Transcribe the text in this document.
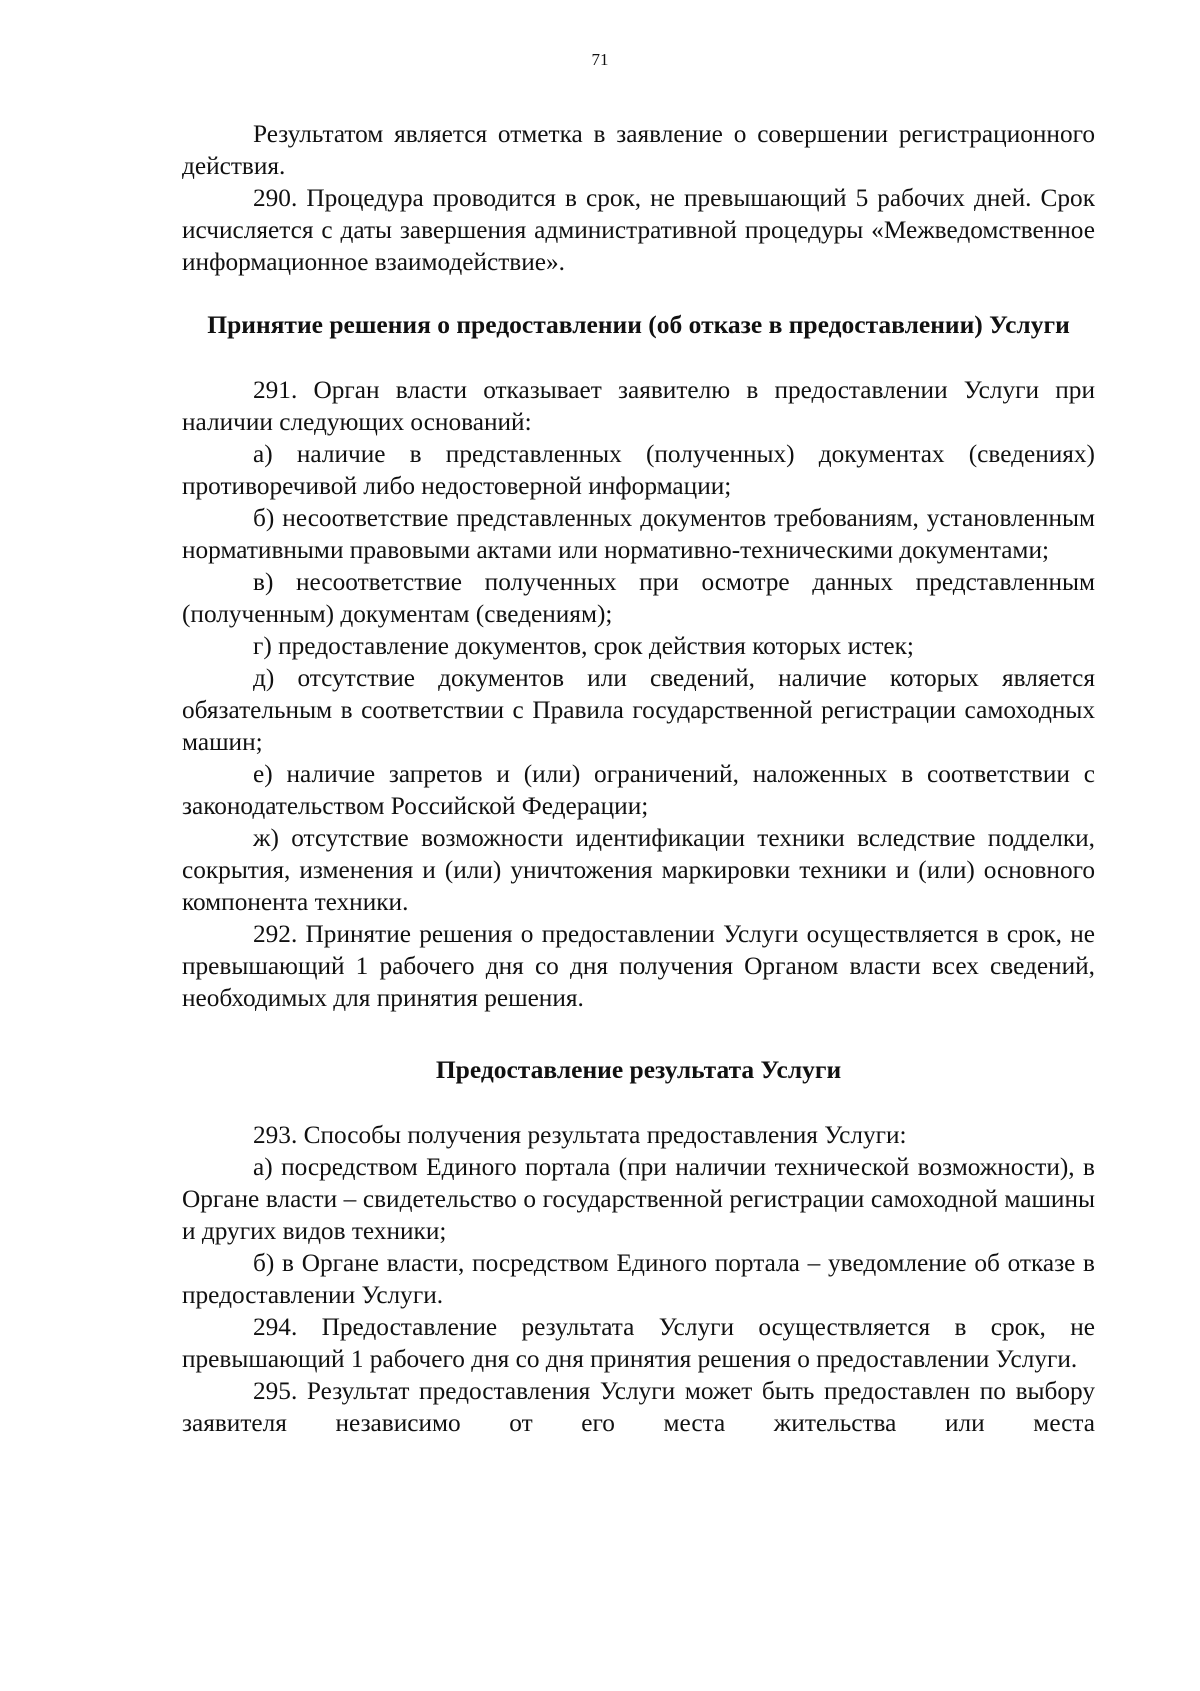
71

Результатом является отметка в заявление о совершении регистрационного действия.

290. Процедура проводится в срок, не превышающий 5 рабочих дней. Срок исчисляется с даты завершения административной процедуры «Межведомственное информационное взаимодействие».

Принятие решения о предоставлении (об отказе в предоставлении) Услуги

291. Орган власти отказывает заявителю в предоставлении Услуги при наличии следующих оснований:

а) наличие в представленных (полученных) документах (сведениях) противоречивой либо недостоверной информации;

б) несоответствие представленных документов требованиям, установленным нормативными правовыми актами или нормативно-техническими документами;

в) несоответствие полученных при осмотре данных представленным (полученным) документам (сведениям);

г) предоставление документов, срок действия которых истек;

д) отсутствие документов или сведений, наличие которых является обязательным в соответствии с Правила государственной регистрации самоходных машин;

е) наличие запретов и (или) ограничений, наложенных в соответствии с законодательством Российской Федерации;

ж) отсутствие возможности идентификации техники вследствие подделки, сокрытия, изменения и (или) уничтожения маркировки техники и (или) основного компонента техники.

292. Принятие решения о предоставлении Услуги осуществляется в срок, не превышающий 1 рабочего дня со дня получения Органом власти всех сведений, необходимых для принятия решения.

Предоставление результата Услуги

293. Способы получения результата предоставления Услуги:

а) посредством Единого портала (при наличии технической возможности), в Органе власти – свидетельство о государственной регистрации самоходной машины и других видов техники;

б) в Органе власти, посредством Единого портала – уведомление об отказе в предоставлении Услуги.

294. Предоставление результата Услуги осуществляется в срок, не превышающий 1 рабочего дня со дня принятия решения о предоставлении Услуги.

295. Результат предоставления Услуги может быть предоставлен по выбору заявителя независимо от его места жительства или места
